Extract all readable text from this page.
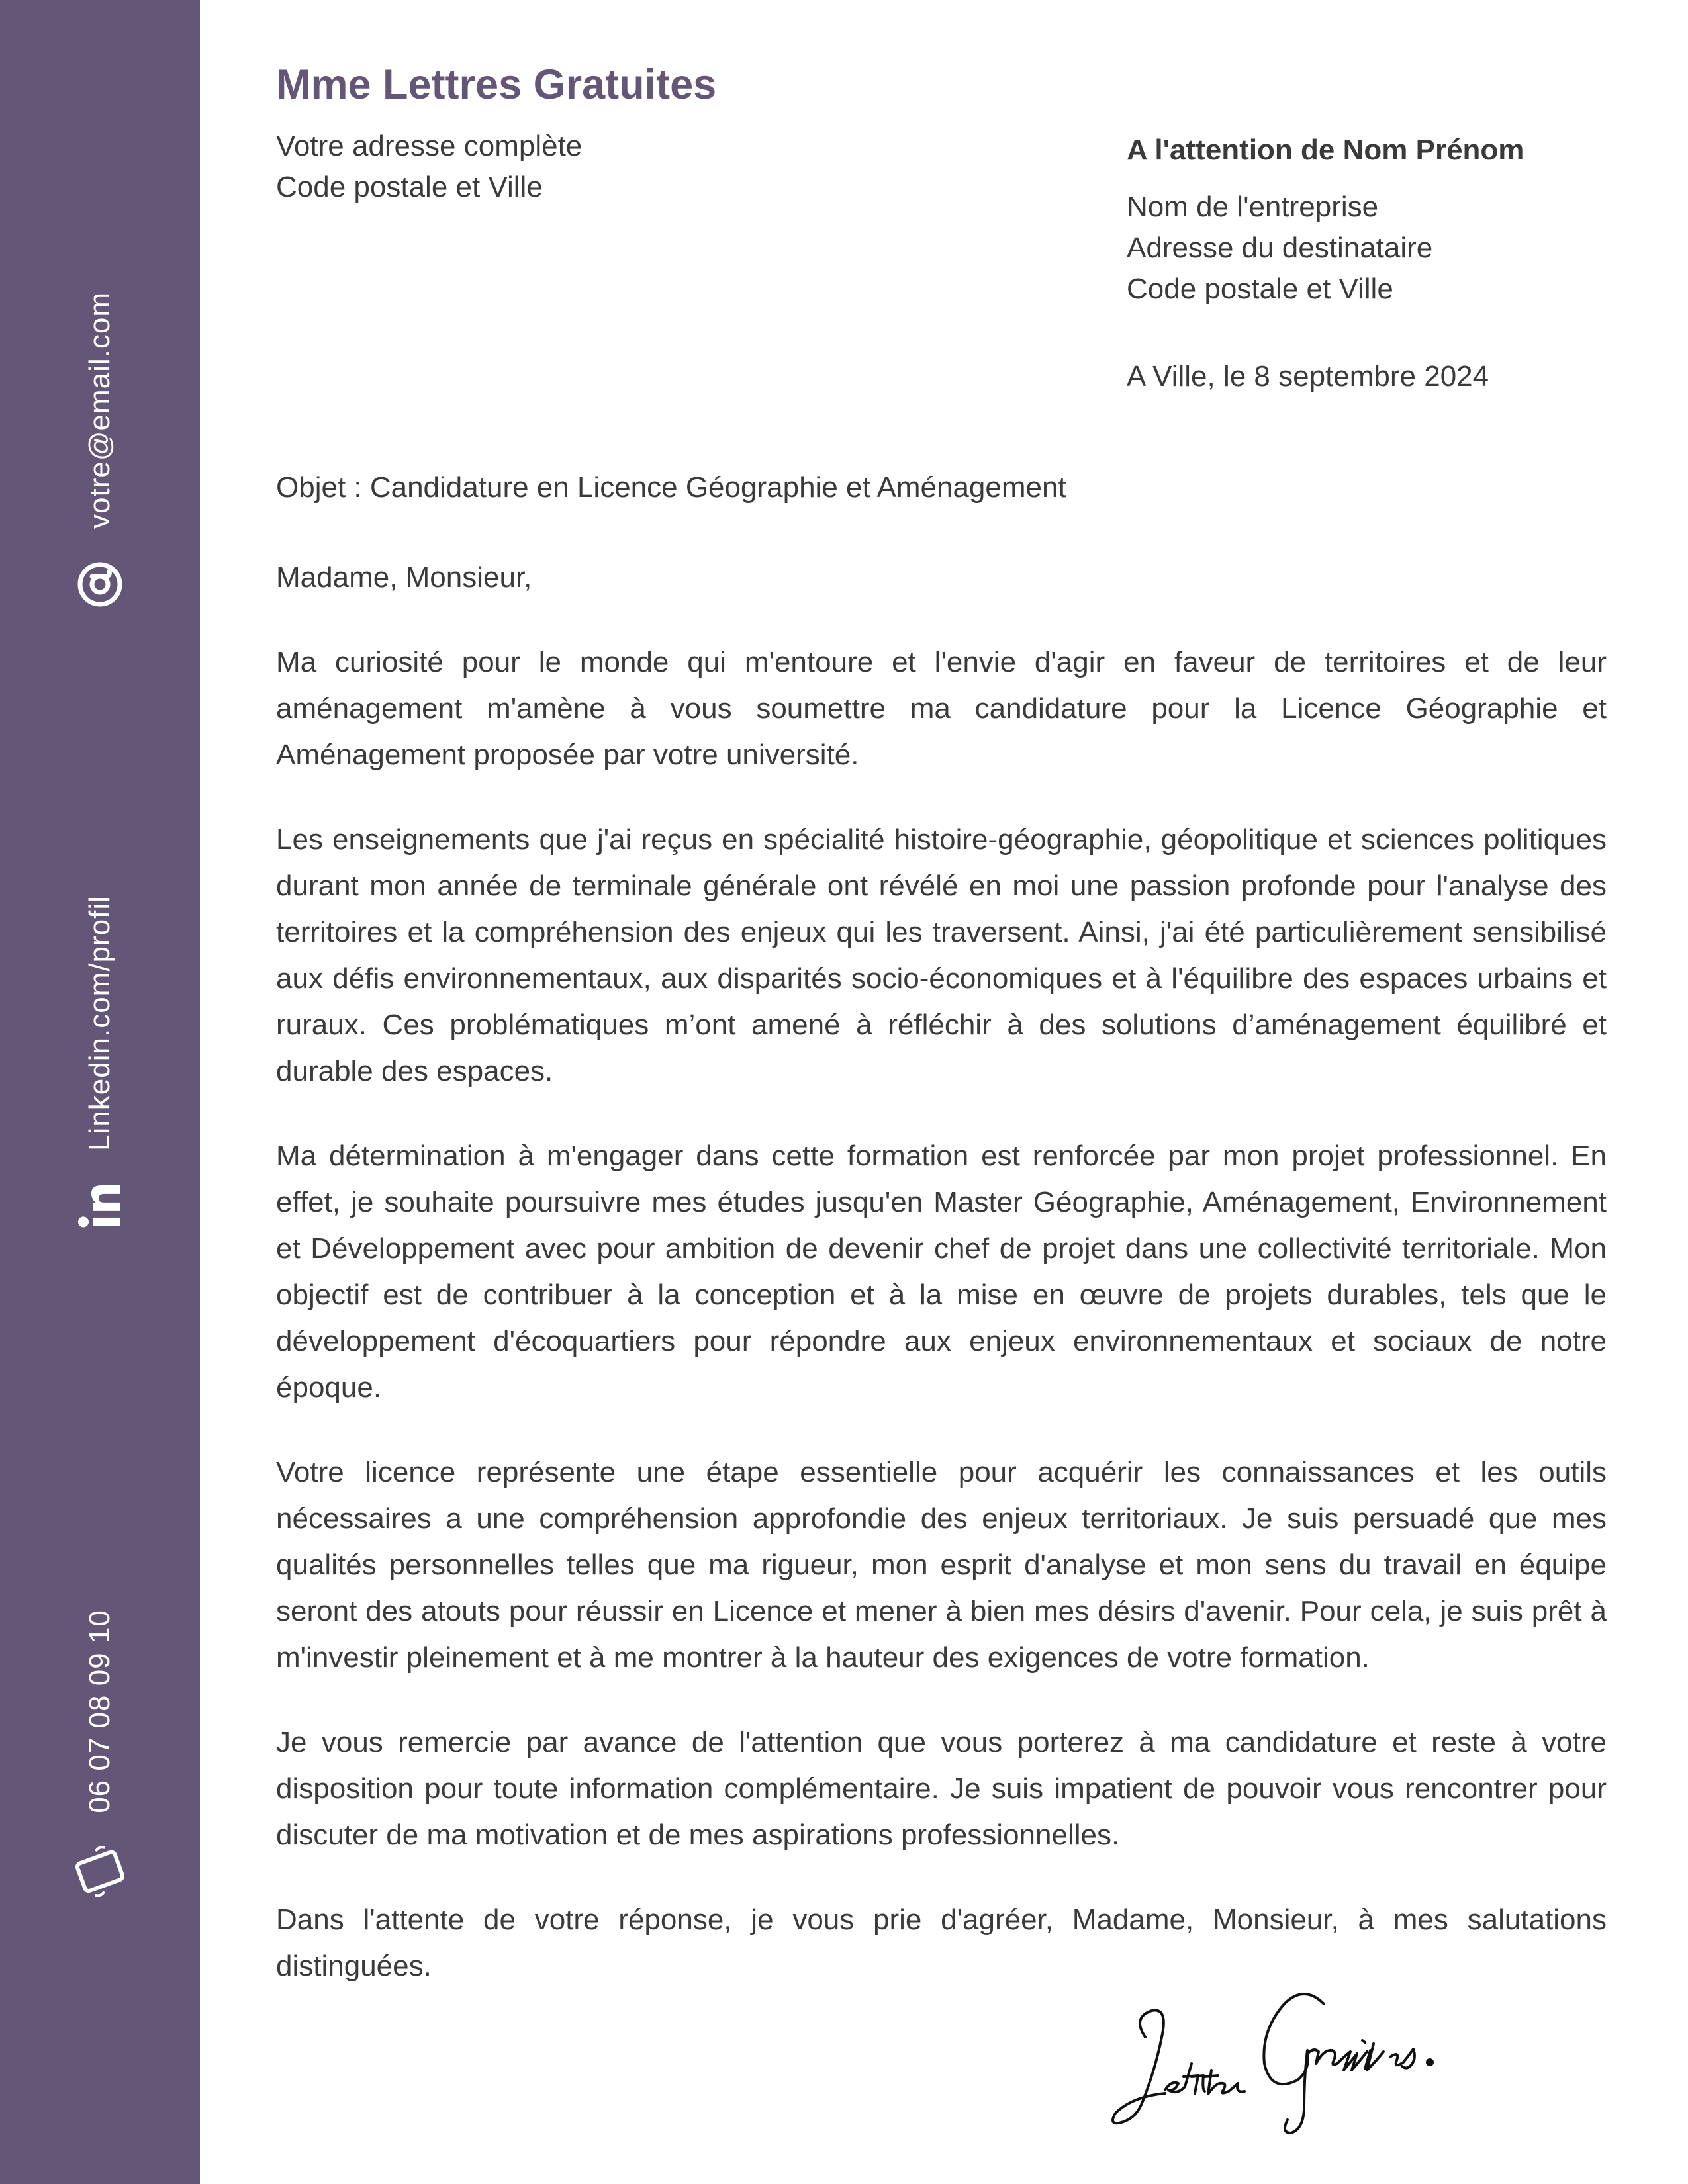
votre@email.com
Linkedin.com/profil
06 07 08 09 10
Mme Lettres Gratuites
Votre adresse complète
Code postale et Ville
A l'attention de Nom Prénom
Nom de l'entreprise
Adresse du destinataire
Code postale et Ville
A Ville, le 8 septembre 2024
Objet : Candidature en Licence Géographie et Aménagement

Madame, Monsieur,

Ma curiosité pour le monde qui m'entoure et l'envie d'agir en faveur de territoires et de leur aménagement m'amène à vous soumettre ma candidature pour la Licence Géographie et Aménagement proposée par votre université.

Les enseignements que j'ai reçus en spécialité histoire-géographie, géopolitique et sciences politiques durant mon année de terminale générale ont révélé en moi une passion profonde pour l'analyse des territoires et la compréhension des enjeux qui les traversent. Ainsi, j'ai été particulièrement sensibilisé aux défis environnementaux, aux disparités socio-économiques et à l'équilibre des espaces urbains et ruraux. Ces problématiques m’ont amené à réfléchir à des solutions d’aménagement équilibré et durable des espaces.

Ma détermination à m'engager dans cette formation est renforcée par mon projet professionnel. En effet, je souhaite poursuivre mes études jusqu'en Master Géographie, Aménagement, Environnement et Développement avec pour ambition de devenir chef de projet dans une collectivité territoriale. Mon objectif est de contribuer à la conception et à la mise en œuvre de projets durables, tels que le développement d'écoquartiers pour répondre aux enjeux environnementaux et sociaux de notre époque.

Votre licence représente une étape essentielle pour acquérir les connaissances et les outils nécessaires a une compréhension approfondie des enjeux territoriaux. Je suis persuadé que mes qualités personnelles telles que ma rigueur, mon esprit d'analyse et mon sens du travail en équipe seront des atouts pour réussir en Licence et mener à bien mes désirs d'avenir. Pour cela, je suis prêt à m'investir pleinement et à me montrer à la hauteur des exigences de votre formation.

Je vous remercie par avance de l'attention que vous porterez à ma candidature et reste à votre disposition pour toute information complémentaire. Je suis impatient de pouvoir vous rencontrer pour discuter de ma motivation et de mes aspirations professionnelles.

Dans l'attente de votre réponse, je vous prie d'agréer, Madame, Monsieur, à mes salutations distinguées.
